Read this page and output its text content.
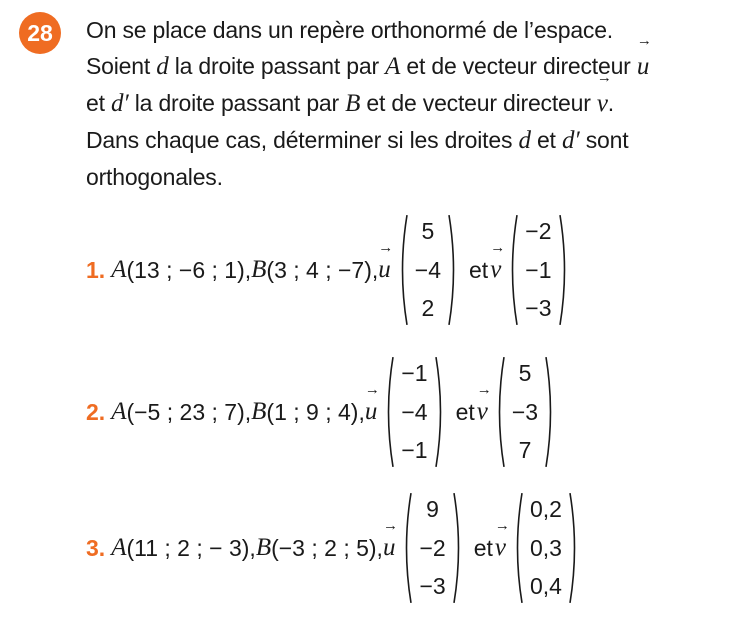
28	On se place dans un repère orthonormé de l’espace.
Soient d la droite passant par A et de vecteur directeur → u
et d′ la droite passant par B et de vecteur directeur → v.
Dans chaque cas, déterminer si les droites d et d′ sont
orthogonales.
1. A (13 ; −6 ; 1), B (3 ; 4 ; −7), → u
5
−4
2
et → v
−2
−1
−3
2. A (−5 ; 23 ; 7), B (1 ; 9 ; 4), → u
−1
−4
−1
et → v
5
−3
7
3. A (11 ; 2 ; − 3), B (−3 ; 2 ; 5), → u
9
−2
−3
et → v
0,2
0,3
0,4
